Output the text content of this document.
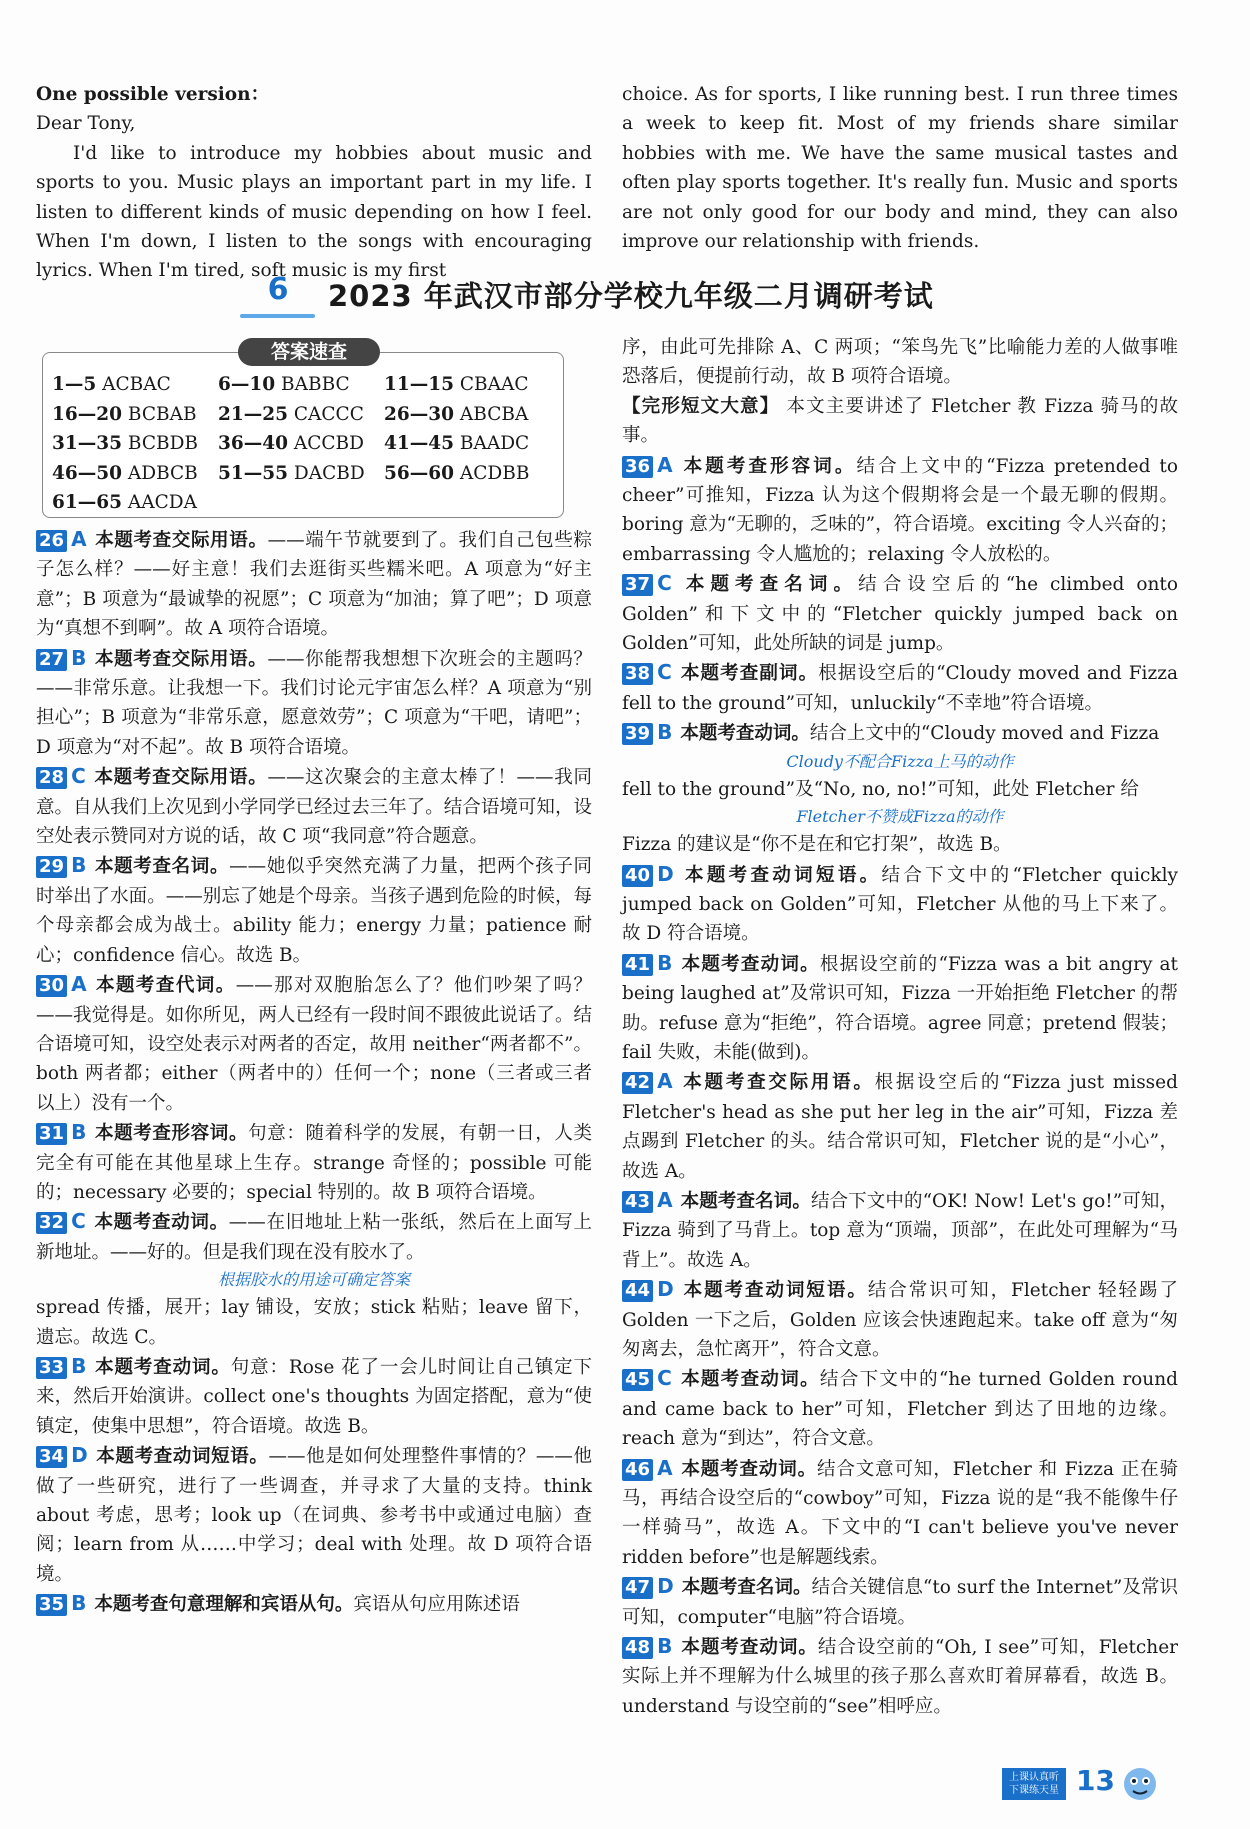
One possible version：

Dear Tony,

I'd like to introduce my hobbies about music and sports to you. Music plays an important part in my life. I listen to different kinds of music depending on how I feel. When I'm down, I listen to the songs with encouraging lyrics. When I'm tired, soft music is my first

choice. As for sports, I like running best. I run three times a week to keep fit. Most of my friends share similar hobbies with me. We have the same musical tastes and often play sports together. It's really fun. Music and sports are not only good for our body and mind, they can also improve our relationship with friends.

6	2023 年武汉市部分学校九年级二月调研考试
答案速查
1—5 ACBAC	6—10 BABBC	11—15 CBAAC
16—20 BCBAB	21—25 CACCC	26—30 ABCBA
31—35 BCBDB	36—40 ACCBD	41—45 BAADC
46—50 ADBCB	51—55 DACBD	56—60 ACDBB
61—65 AACDA

26 A 本题考查交际用语。——端午节就要到了。我们自己包些粽子怎么样？——好主意！我们去逛街买些糯米吧。A 项意为“好主意”；B 项意为“最诚挚的祝愿”；C 项意为“加油；算了吧”；D 项意为“真想不到啊”。故 A 项符合语境。

27 B 本题考查交际用语。——你能帮我想想下次班会的主题吗？——非常乐意。让我想一下。我们讨论元宇宙怎么样？A 项意为“别担心”；B 项意为“非常乐意，愿意效劳”；C 项意为“干吧，请吧”；D 项意为“对不起”。故 B 项符合语境。

28 C 本题考查交际用语。——这次聚会的主意太棒了！——我同意。自从我们上次见到小学同学已经过去三年了。结合语境可知，设空处表示赞同对方说的话，故 C 项“我同意”符合题意。

29 B 本题考查名词。——她似乎突然充满了力量，把两个孩子同时举出了水面。——别忘了她是个母亲。当孩子遇到危险的时候，每个母亲都会成为战士。ability 能力；energy 力量；patience 耐心；confidence 信心。故选 B。

30 A 本题考查代词。——那对双胞胎怎么了？他们吵架了吗？——我觉得是。如你所见，两人已经有一段时间不跟彼此说话了。结合语境可知，设空处表示对两者的否定，故用 neither“两者都不”。both 两者都；either（两者中的）任何一个；none（三者或三者以上）没有一个。

31 B 本题考查形容词。句意：随着科学的发展，有朝一日，人类完全有可能在其他星球上生存。strange 奇怪的；possible 可能的；necessary 必要的；special 特别的。故 B 项符合语境。

32 C 本题考查动词。——在旧地址上粘一张纸，然后在上面写上新地址。——好的。但是我们现在没有胶水了。

根据胶水的用途可确定答案

spread 传播，展开；lay 铺设，安放；stick 粘贴；leave 留下，遗忘。故选 C。

33 B 本题考查动词。句意：Rose 花了一会儿时间让自己镇定下来，然后开始演讲。collect one's thoughts 为固定搭配，意为“使镇定，使集中思想”，符合语境。故选 B。

34 D 本题考查动词短语。——他是如何处理整件事情的？——他做了一些研究，进行了一些调查，并寻求了大量的支持。think about 考虑，思考；look up（在词典、参考书中或通过电脑）查阅；learn from 从……中学习；deal with 处理。故 D 项符合语境。

35 B 本题考查句意理解和宾语从句。宾语从句应用陈述语

序，由此可先排除 A、C 两项；“笨鸟先飞”比喻能力差的人做事唯恐落后，便提前行动，故 B 项符合语境。

【完形短文大意】 本文主要讲述了 Fletcher 教 Fizza 骑马的故事。

36 A 本题考查形容词。结合上文中的“Fizza pretended to cheer”可推知，Fizza 认为这个假期将会是一个最无聊的假期。boring 意为“无聊的，乏味的”，符合语境。exciting 令人兴奋的；embarrassing 令人尴尬的；relaxing 令人放松的。

37 C 本题考查名词。结合设空后的“he climbed onto Golden”和下文中的“Fletcher quickly jumped back on Golden”可知，此处所缺的词是 jump。

38 C 本题考查副词。根据设空后的“Cloudy moved and Fizza fell to the ground”可知，unluckily“不幸地”符合语境。

39 B 本题考查动词。结合上文中的“Cloudy moved and Fizza

Cloudy不配合Fizza上马的动作

fell to the ground”及“No, no, no!”可知，此处 Fletcher 给

Fletcher不赞成Fizza的动作

Fizza 的建议是“你不是在和它打架”，故选 B。

40 D 本题考查动词短语。结合下文中的“Fletcher quickly jumped back on Golden”可知，Fletcher 从他的马上下来了。故 D 符合语境。

41 B 本题考查动词。根据设空前的“Fizza was a bit angry at being laughed at”及常识可知，Fizza 一开始拒绝 Fletcher 的帮助。refuse 意为“拒绝”，符合语境。agree 同意；pretend 假装；fail 失败，未能(做到)。

42 A 本题考查交际用语。根据设空后的“Fizza just missed Fletcher's head as she put her leg in the air”可知，Fizza 差点踢到 Fletcher 的头。结合常识可知，Fletcher 说的是“小心”，故选 A。

43 A 本题考查名词。结合下文中的“OK! Now! Let's go!”可知，Fizza 骑到了马背上。top 意为“顶端，顶部”，在此处可理解为“马背上”。故选 A。

44 D 本题考查动词短语。结合常识可知，Fletcher 轻轻踢了 Golden 一下之后，Golden 应该会快速跑起来。take off 意为“匆匆离去，急忙离开”，符合文意。

45 C 本题考查动词。结合下文中的“he turned Golden round and came back to her”可知，Fletcher 到达了田地的边缘。reach 意为“到达”，符合文意。

46 A 本题考查动词。结合文意可知，Fletcher 和 Fizza 正在骑马，再结合设空后的“cowboy”可知，Fizza 说的是“我不能像牛仔一样骑马”，故选 A。下文中的“I can't believe you've never ridden before”也是解题线索。

47 D 本题考查名词。结合关键信息“to surf the Internet”及常识可知，computer“电脑”符合语境。

48 B 本题考查动词。结合设空前的“Oh, I see”可知，Fletcher 实际上并不理解为什么城里的孩子那么喜欢盯着屏幕看，故选 B。understand 与设空前的“see”相呼应。

上课认真听
下课练天星 13
